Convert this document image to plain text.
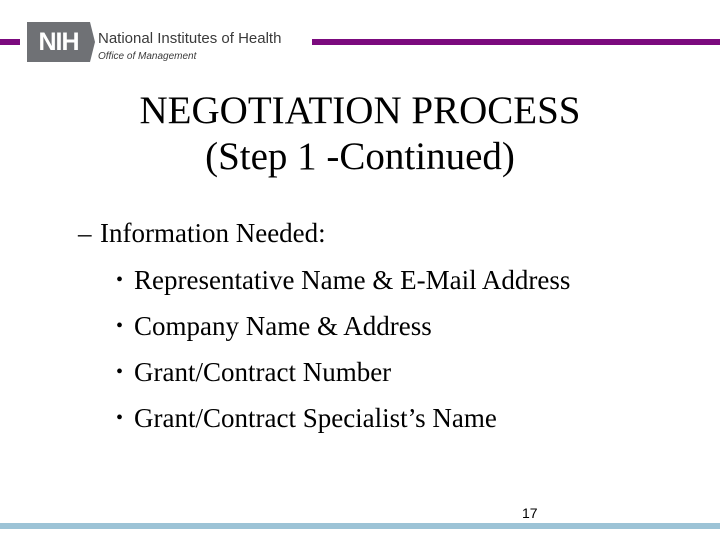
NIH	National Institutes of Health
Office of Management
NEGOTIATION PROCESS
(Step 1 -Continued)
– Information Needed:
• Representative Name & E-Mail Address
• Company Name & Address
• Grant/Contract Number
• Grant/Contract Specialist’s Name
17
